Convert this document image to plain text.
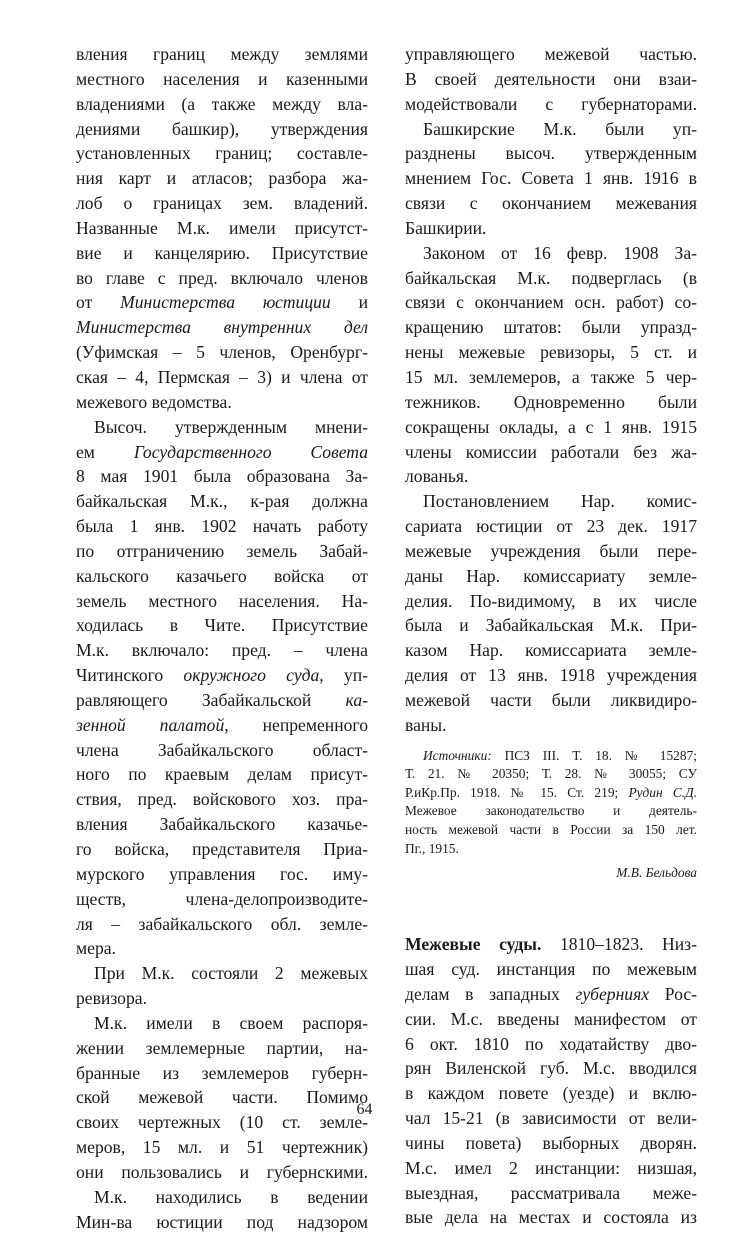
вления границ между землями
местного населения и казенными
владениями (а также между вла-
дениями башкир), утверждения
установленных границ; составле-
ния карт и атласов; разбора жа-
лоб о границах зем. владений.
Названные М.к. имели присутст-
вие и канцелярию. Присутствие
во главе с пред. включало членов
от Министерства юстиции и
Министерства внутренних дел
(Уфимская – 5 членов, Оренбург-
ская – 4, Пермская – 3) и члена от
межевого ведомства.
Высоч. утвержденным мнени-
ем Государственного Совета
8 мая 1901 была образована За-
байкальская М.к., к-рая должна
была 1 янв. 1902 начать работу
по отграничению земель Забай-
кальского казачьего войска от
земель местного населения. На-
ходилась в Чите. Присутствие
М.к. включало: пред. – члена
Читинского окружного суда, уп-
равляющего Забайкальской ка-
зенной палатой, непременного
члена Забайкальского област-
ного по краевым делам присут-
ствия, пред. войскового хоз. пра-
вления Забайкальского казачье-
го войска, представителя Приа-
мурского управления гос. иму-
ществ, члена-делопроизводите-
ля – забайкальского обл. земле-
мера.
При М.к. состояли 2 межевых
ревизора.
М.к. имели в своем распоря-
жении землемерные партии, на-
бранные из землемеров губерн-
ской межевой части. Помимо
своих чертежных (10 ст. земле-
меров, 15 мл. и 51 чертежник)
они пользовались и губернскими.
М.к. находились в ведении
Мин-ва юстиции под надзором
управляющего межевой частью.
В своей деятельности они взаи-
модействовали с губернаторами.
Башкирские М.к. были уп-
разднены высоч. утвержденным
мнением Гос. Совета 1 янв. 1916 в
связи с окончанием межевания
Башкирии.
Законом от 16 февр. 1908 За-
байкальская М.к. подверглась (в
связи с окончанием осн. работ) со-
кращению штатов: были упразд-
нены межевые ревизоры, 5 ст. и
15 мл. землемеров, а также 5 чер-
тежников. Одновременно были
сокращены оклады, а с 1 янв. 1915
члены комиссии работали без жа-
лованья.
Постановлением Нар. комис-
сариата юстиции от 23 дек. 1917
межевые учреждения были пере-
даны Нар. комиссариату земле-
делия. По-видимому, в их числе
была и Забайкальская М.к. При-
казом Нар. комиссариата земле-
делия от 13 янв. 1918 учреждения
межевой части были ликвидиро-
ваны.
Источники: ПСЗ III. Т. 18. № 15287;
Т. 21. № 20350; Т. 28. № 30055; СУ
Р.иКр.Пр. 1918. № 15. Ст. 219; Рудин С.Д.
Межевое законодательство и деятель-
ность межевой части в России за 150 лет.
Пг., 1915.
М.В. Бельдова
Межевые суды. 1810–1823. Низ-
шая суд. инстанция по межевым
делам в западных губерниях Рос-
сии. М.с. введены манифестом от
6 окт. 1810 по ходатайству дво-
рян Виленской губ. М.с. вводился
в каждом повете (уезде) и вклю-
чал 15-21 (в зависимости от вели-
чины повета) выборных дворян.
М.с. имел 2 инстанции: низшая,
выездная, рассматривала меже-
вые дела на местах и состояла из
64
